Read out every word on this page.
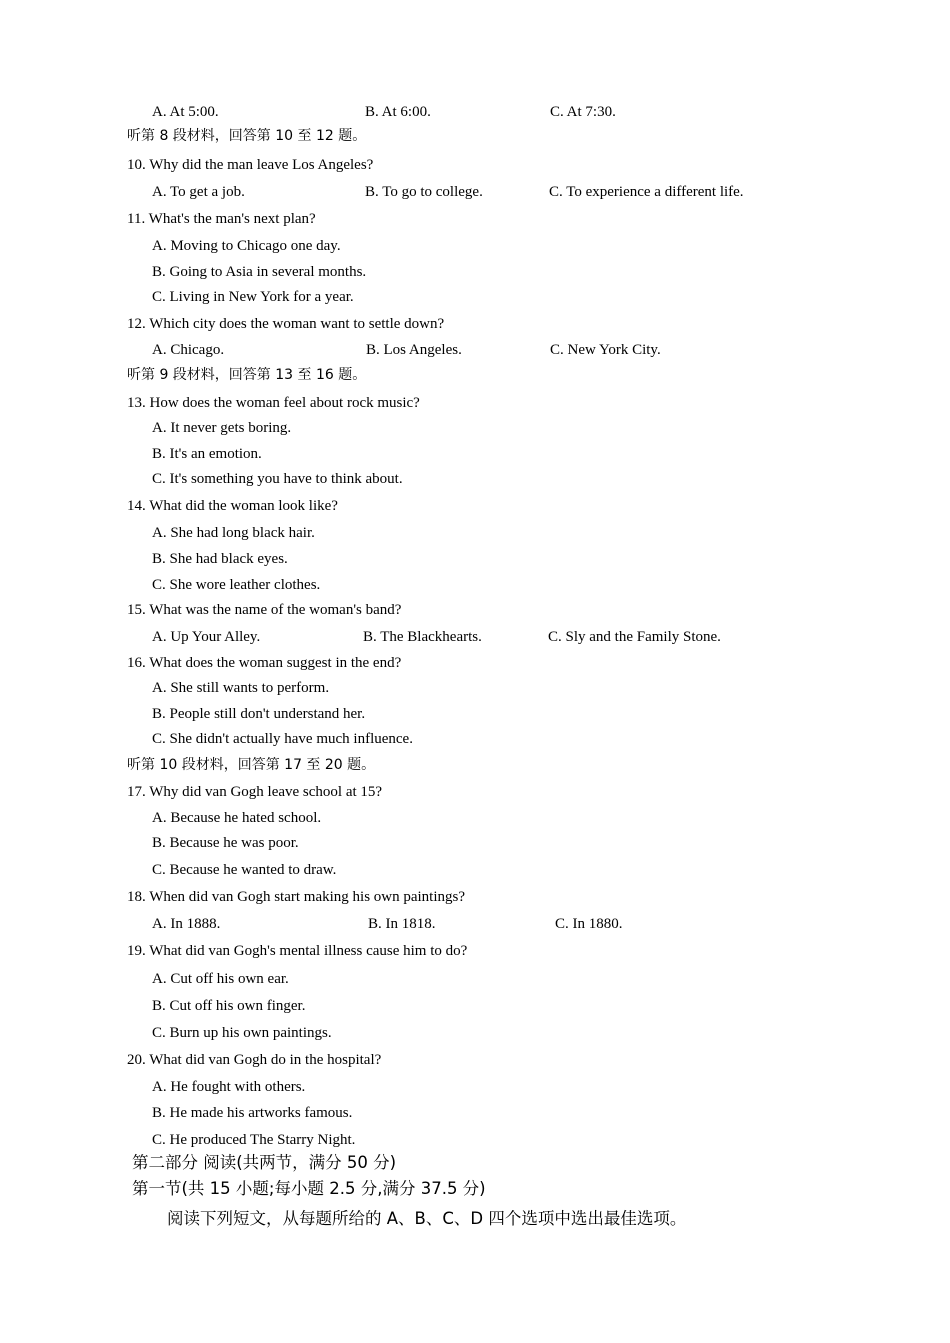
A. At 5:00.	B. At 6:00.	C. At 7:30.
听第 8 段材料，回答第 10 至 12 题。
10. Why did the man leave Los Angeles?
A. To get a job.	B. To go to college.	C. To experience a different life.
11. What's the man's next plan?
A. Moving to Chicago one day.
B. Going to Asia in several months.
C. Living in New York for a year.
12. Which city does the woman want to settle down?
A. Chicago.	B. Los Angeles.	C. New York City.
听第 9 段材料，回答第 13 至 16 题。
13. How does the woman feel about rock music?
A. It never gets boring.
B. It's an emotion.
C. It's something you have to think about.
14. What did the woman look like?
A. She had long black hair.
B. She had black eyes.
C. She wore leather clothes.
15. What was the name of the woman's band?
A. Up Your Alley.	B. The Blackhearts.	C. Sly and the Family Stone.
16. What does the woman suggest in the end?
A. She still wants to perform.
B. People still don't understand her.
C. She didn't actually have much influence.
听第 10 段材料，回答第 17 至 20 题。
17. Why did van Gogh leave school at 15?
A. Because he hated school.
B. Because he was poor.
C. Because he wanted to draw.
18. When did van Gogh start making his own paintings?
A. In 1888.	B. In 1818.	C. In 1880.
19. What did van Gogh's mental illness cause him to do?
A. Cut off his own ear.
B. Cut off his own finger.
C. Burn up his own paintings.
20. What did van Gogh do in the hospital?
A. He fought with others.
B. He made his artworks famous.
C. He produced The Starry Night.
第二部分 阅读(共两节，满分 50 分)
第一节(共 15 小题;每小题 2.5 分,满分 37.5 分)
阅读下列短文，从每题所给的 A、B、C、D 四个选项中选出最佳选项。
